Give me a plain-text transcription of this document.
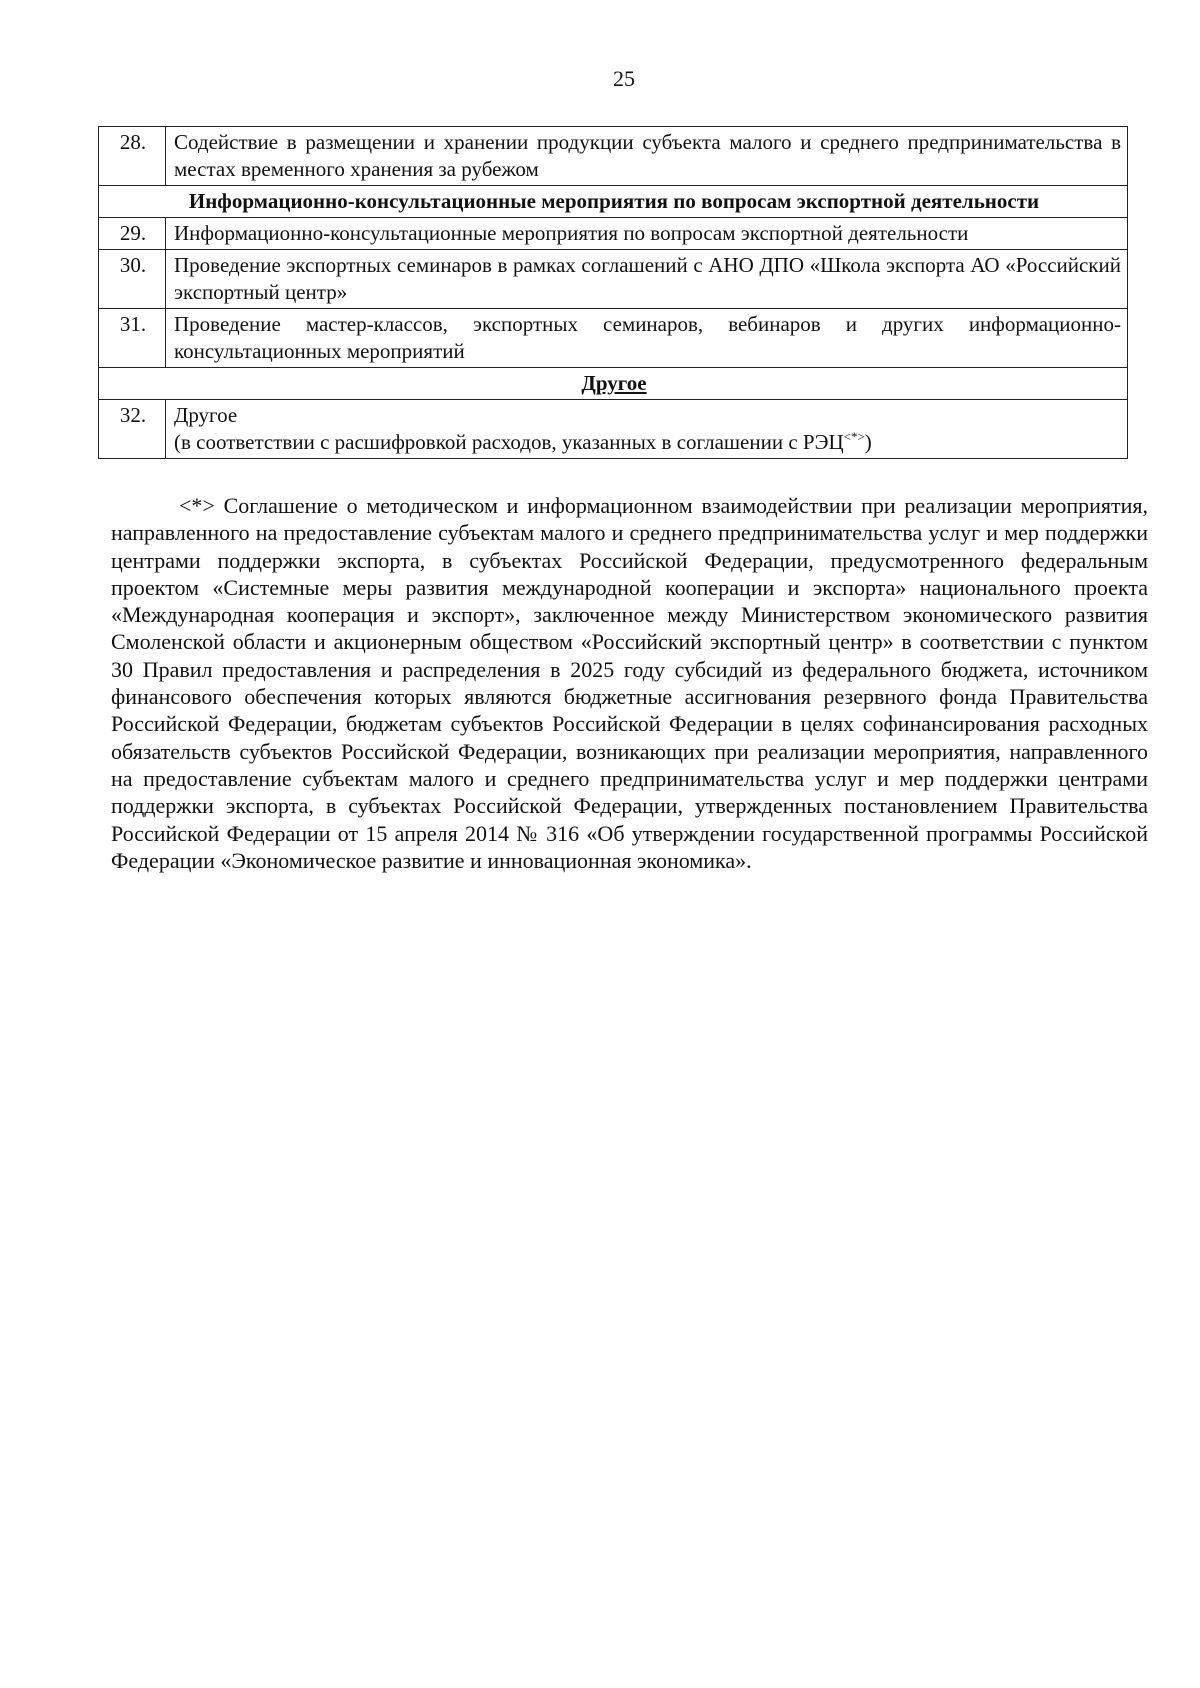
25
28.	Содействие в размещении и хранении продукции субъекта малого и среднего предпринимательства в местах временного хранения за рубежом
Информационно-консультационные мероприятия по вопросам экспортной деятельности	
29.	Информационно-консультационные мероприятия по вопросам экспортной деятельности
30.	Проведение экспортных семинаров в рамках соглашений с АНО ДПО «Школа экспорта АО «Российский экспортный центр»
31.	Проведение мастер-классов, экспортных семинаров, вебинаров и других информационно-консультационных мероприятий
Другое	
32.	Другое
(в соответствии с расшифровкой расходов, указанных в соглашении с РЭЦ<*>)

<*> Соглашение о методическом и информационном взаимодействии при реализации мероприятия, направленного на предоставление субъектам малого и среднего предпринимательства услуг и мер поддержки центрами поддержки экспорта, в субъектах Российской Федерации, предусмотренного федеральным проектом «Системные меры развития международной кооперации и экспорта» национального проекта «Международная кооперация и экспорт», заключенное между Министерством экономического развития Смоленской области и акционерным обществом «Российский экспортный центр» в соответствии с пунктом 30 Правил предоставления и распределения в 2025 году субсидий из федерального бюджета, источником финансового обеспечения которых являются бюджетные ассигнования резервного фонда Правительства Российской Федерации, бюджетам субъектов Российской Федерации в целях софинансирования расходных обязательств субъектов Российской Федерации, возникающих при реализации мероприятия, направленного на предоставление субъектам малого и среднего предпринимательства услуг и мер поддержки центрами поддержки экспорта, в субъектах Российской Федерации, утвержденных постановлением Правительства Российской Федерации от 15 апреля 2014 № 316 «Об утверждении государственной программы Российской Федерации «Экономическое развитие и инновационная экономика».
